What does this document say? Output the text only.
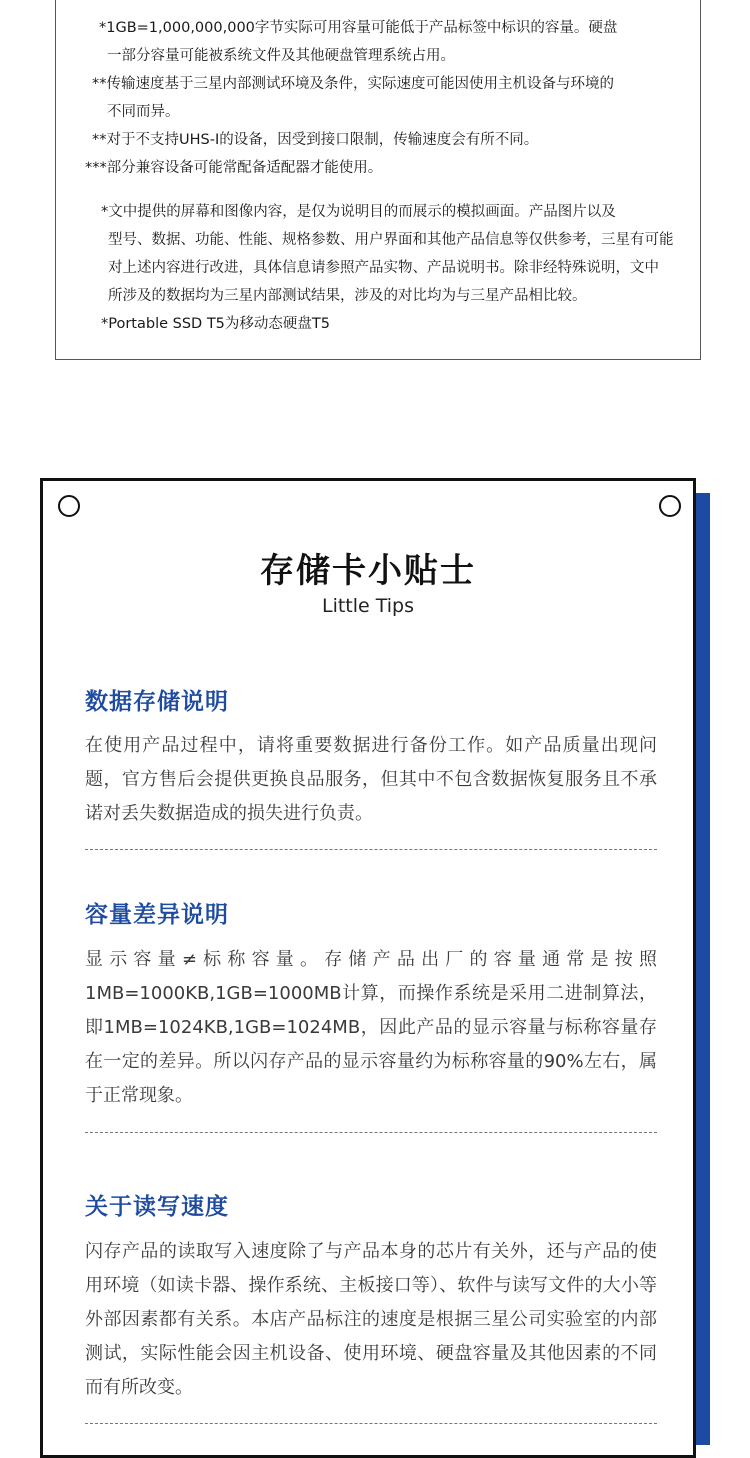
*1GB=1,000,000,000字节实际可用容量可能低于产品标签中标识的容量。硬盘
一部分容量可能被系统文件及其他硬盘管理系统占用。
**传输速度基于三星内部测试环境及条件，实际速度可能因使用主机设备与环境的
不同而异。
**对于不支持UHS-I的设备，因受到接口限制，传输速度会有所不同。
***部分兼容设备可能常配备适配器才能使用。
*文中提供的屏幕和图像内容，是仅为说明目的而展示的模拟画面。产品图片以及
型号、数据、功能、性能、规格参数、用户界面和其他产品信息等仅供参考，三星有可能
对上述内容进行改进，具体信息请参照产品实物、产品说明书。除非经特殊说明，文中
所涉及的数据均为三星内部测试结果，涉及的对比均为与三星产品相比较。
*Portable SSD T5为移动态硬盘T5
存储卡小贴士
Little Tips
数据存储说明
在使用产品过程中，请将重要数据进行备份工作。如产品质量出现问题，官方售后会提供更换良品服务，但其中不包含数据恢复服务且不承诺对丢失数据造成的损失进行负责。
容量差异说明
显示容量≠标称容量。存储产品出厂的容量通常是按照1MB=1000KB,1GB=1000MB计算，而操作系统是采用二进制算法，即1MB=1024KB,1GB=1024MB，因此产品的显示容量与标称容量存在一定的差异。所以闪存产品的显示容量约为标称容量的90%左右，属于正常现象。
关于读写速度
闪存产品的读取写入速度除了与产品本身的芯片有关外，还与产品的使用环境（如读卡器、操作系统、主板接口等）、软件与读写文件的大小等外部因素都有关系。本店产品标注的速度是根据三星公司实验室的内部测试，实际性能会因主机设备、使用环境、硬盘容量及其他因素的不同而有所改变。
